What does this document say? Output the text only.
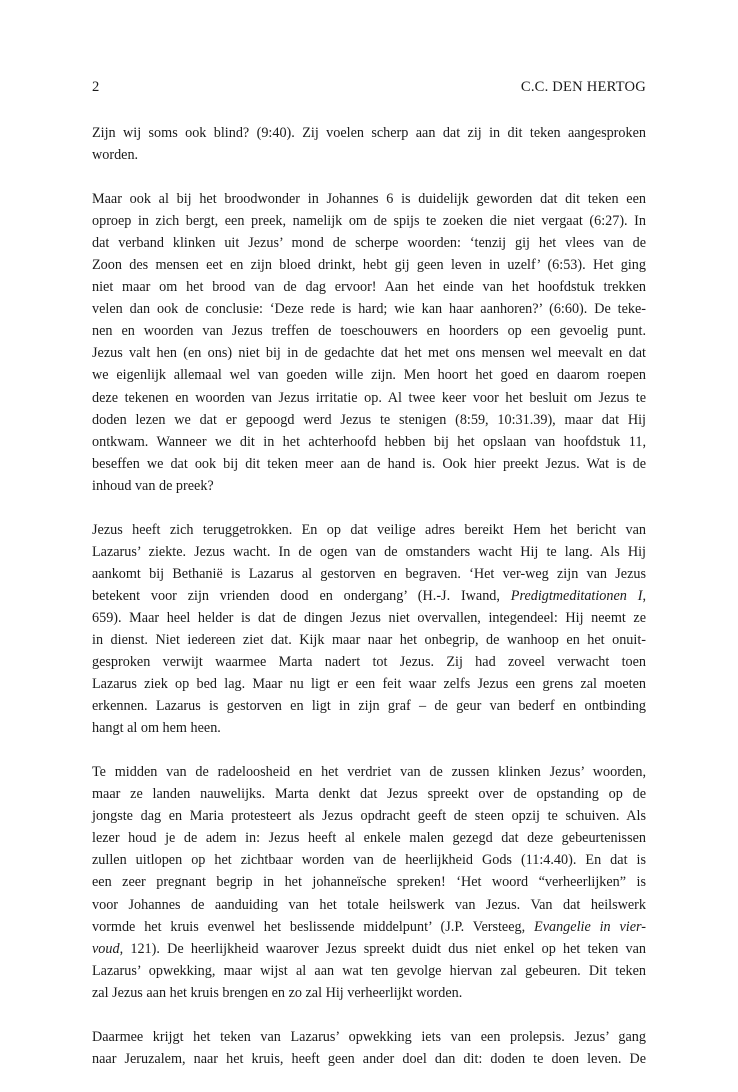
2	C.C. DEN HERTOG

Zijn wij soms ook blind? (9:40). Zij voelen scherp aan dat zij in dit teken aangesproken
worden.

Maar ook al bij het broodwonder in Johannes 6 is duidelijk geworden dat dit teken een
oproep in zich bergt, een preek, namelijk om de spijs te zoeken die niet vergaat (6:27). In
dat verband klinken uit Jezus’ mond de scherpe woorden: ‘tenzij gij het vlees van de
Zoon des mensen eet en zijn bloed drinkt, hebt gij geen leven in uzelf’ (6:53). Het ging
niet maar om het brood van de dag ervoor! Aan het einde van het hoofdstuk trekken
velen dan ook de conclusie: ‘Deze rede is hard; wie kan haar aanhoren?’ (6:60). De teke-
nen en woorden van Jezus treffen de toeschouwers en hoorders op een gevoelig punt.
Jezus valt hen (en ons) niet bij in de gedachte dat het met ons mensen wel meevalt en dat
we eigenlijk allemaal wel van goeden wille zijn. Men hoort het goed en daarom roepen
deze tekenen en woorden van Jezus irritatie op. Al twee keer voor het besluit om Jezus te
doden lezen we dat er gepoogd werd Jezus te stenigen (8:59, 10:31.39), maar dat Hij
ontkwam. Wanneer we dit in het achterhoofd hebben bij het opslaan van hoofdstuk 11,
beseffen we dat ook bij dit teken meer aan de hand is. Ook hier preekt Jezus. Wat is de
inhoud van de preek?

Jezus heeft zich teruggetrokken. En op dat veilige adres bereikt Hem het bericht van
Lazarus’ ziekte. Jezus wacht. In de ogen van de omstanders wacht Hij te lang. Als Hij
aankomt bij Bethanië is Lazarus al gestorven en begraven. ‘Het ver-weg zijn van Jezus
betekent voor zijn vrienden dood en ondergang’ (H.-J. Iwand, Predigtmeditationen I,
659). Maar heel helder is dat de dingen Jezus niet overvallen, integendeel: Hij neemt ze
in dienst. Niet iedereen ziet dat. Kijk maar naar het onbegrip, de wanhoop en het onuit-
gesproken verwijt waarmee Marta nadert tot Jezus. Zij had zoveel verwacht toen
Lazarus ziek op bed lag. Maar nu ligt er een feit waar zelfs Jezus een grens zal moeten
erkennen. Lazarus is gestorven en ligt in zijn graf – de geur van bederf en ontbinding
hangt al om hem heen.

Te midden van de radeloosheid en het verdriet van de zussen klinken Jezus’ woorden,
maar ze landen nauwelijks. Marta denkt dat Jezus spreekt over de opstanding op de
jongste dag en Maria protesteert als Jezus opdracht geeft de steen opzij te schuiven. Als
lezer houd je de adem in: Jezus heeft al enkele malen gezegd dat deze gebeurtenissen
zullen uitlopen op het zichtbaar worden van de heerlijkheid Gods (11:4.40). En dat is
een zeer pregnant begrip in het johanneïsche spreken! ‘Het woord “verheerlijken” is
voor Johannes de aanduiding van het totale heilswerk van Jezus. Van dat heilswerk
vormde het kruis evenwel het beslissende middelpunt’ (J.P. Versteeg, Evangelie in vier-
voud, 121). De heerlijkheid waarover Jezus spreekt duidt dus niet enkel op het teken van
Lazarus’ opwekking, maar wijst al aan wat ten gevolge hiervan zal gebeuren. Dit teken
zal Jezus aan het kruis brengen en zo zal Hij verheerlijkt worden.

Daarmee krijgt het teken van Lazarus’ opwekking iets van een prolepsis. Jezus’ gang
naar Jeruzalem, naar het kruis, heeft geen ander doel dan dit: doden te doen leven. De
